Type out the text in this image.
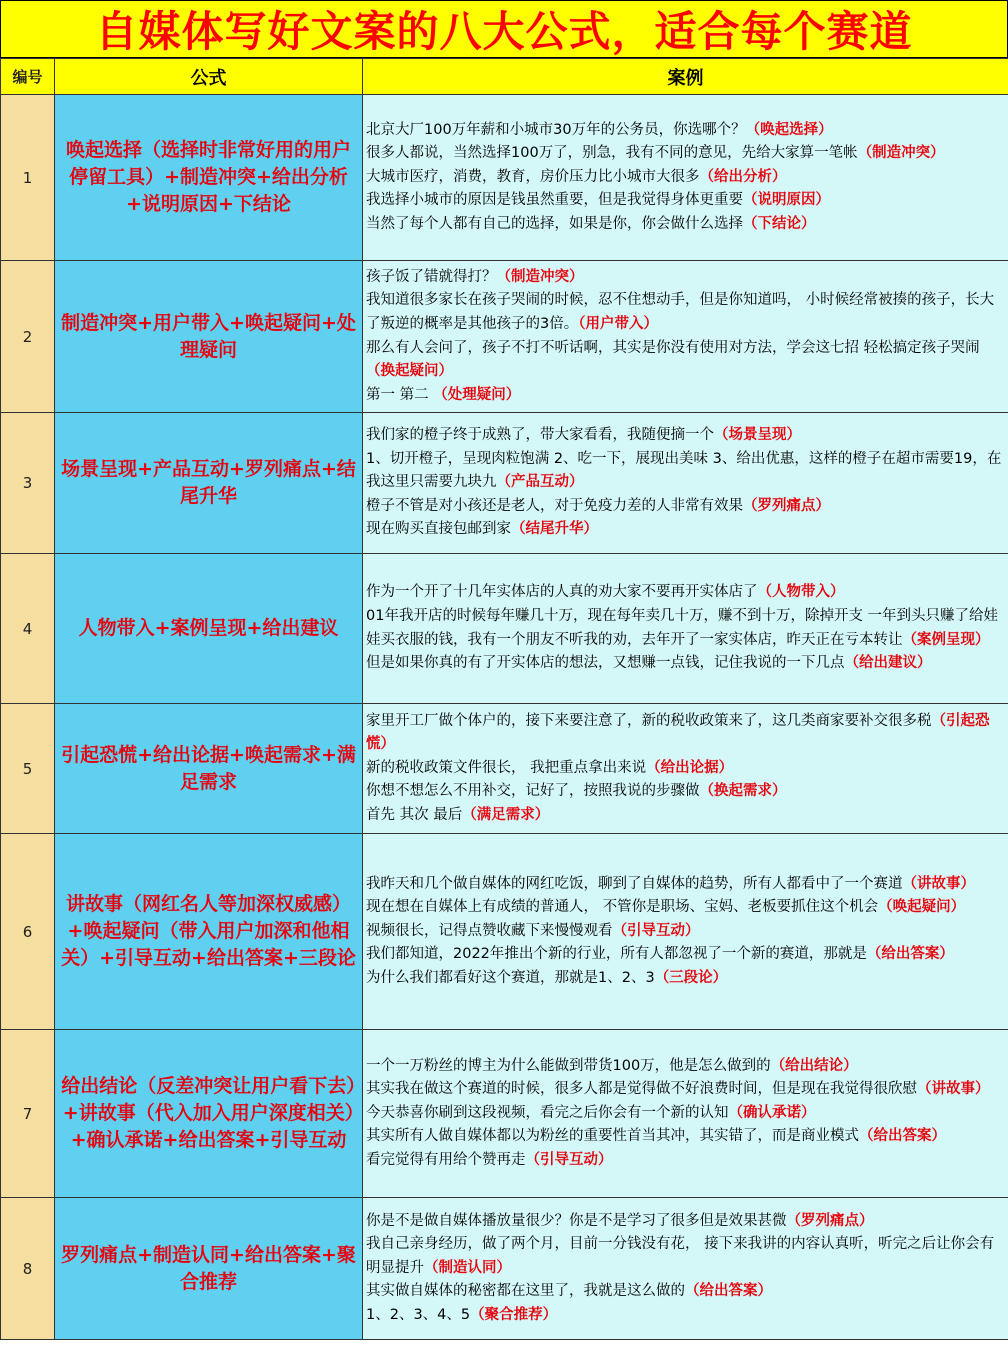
自媒体写好文案的八大公式，适合每个赛道
编号	公式	案例
1	唤起选择（选择时非常好用的用户停留工具）+制造冲突+给出分析+说明原因+下结论	北京大厂100万年薪和小城市30万年的公务员，你选哪个？（唤起选择）
很多人都说，当然选择100万了，别急，我有不同的意见，先给大家算一笔帐（制造冲突）
大城市医疗，消费，教育，房价压力比小城市大很多（给出分析）
我选择小城市的原因是钱虽然重要，但是我觉得身体更重要（说明原因）
当然了每个人都有自己的选择，如果是你，你会做什么选择（下结论）

2	制造冲突+用户带入+唤起疑问+处理疑问	孩子饭了错就得打？（制造冲突）
我知道很多家长在孩子哭闹的时候，忍不住想动手，但是你知道吗， 小时候经常被揍的孩子，长大了叛逆的概率是其他孩子的3倍。（用户带入）
那么有人会问了，孩子不打不听话啊，其实是你没有使用对方法，学会这七招 轻松搞定孩子哭闹（换起疑问）
第一 第二 （处理疑问）

3	场景呈现+产品互动+罗列痛点+结尾升华	我们家的橙子终于成熟了，带大家看看，我随便摘一个（场景呈现）
1、切开橙子，呈现肉粒饱满 2、吃一下，展现出美味 3、给出优惠，这样的橙子在超市需要19，在我这里只需要九块九（产品互动）
橙子不管是对小孩还是老人，对于免疫力差的人非常有效果（罗列痛点）
现在购买直接包邮到家（结尾升华）

4	人物带入+案例呈现+给出建议	作为一个开了十几年实体店的人真的劝大家不要再开实体店了（人物带入）
01年我开店的时候每年赚几十万，现在每年卖几十万，赚不到十万，除掉开支 一年到头只赚了给娃娃买衣服的钱，我有一个朋友不听我的劝，去年开了一家实体店，昨天正在亏本转让（案例呈现）
但是如果你真的有了开实体店的想法，又想赚一点钱，记住我说的一下几点（给出建议）

5	引起恐慌+给出论据+唤起需求+满足需求	家里开工厂做个体户的，接下来要注意了，新的税收政策来了，这几类商家要补交很多税（引起恐慌）
新的税收政策文件很长， 我把重点拿出来说（给出论据）
你想不想怎么不用补交，记好了，按照我说的步骤做（换起需求）
首先 其次 最后（满足需求）

6	讲故事（网红名人等加深权威感）+唤起疑问（带入用户加深和他相关）+引导互动+给出答案+三段论	我昨天和几个做自媒体的网红吃饭，聊到了自媒体的趋势，所有人都看中了一个赛道（讲故事）
现在想在自媒体上有成绩的普通人， 不管你是职场、宝妈、老板要抓住这个机会（唤起疑问）
视频很长，记得点赞收藏下来慢慢观看（引导互动）
我们都知道，2022年推出个新的行业，所有人都忽视了一个新的赛道，那就是（给出答案）
为什么我们都看好这个赛道，那就是1、2、3（三段论）

7	给出结论（反差冲突让用户看下去）+讲故事（代入加入用户深度相关）+确认承诺+给出答案+引导互动	一个一万粉丝的博主为什么能做到带货100万，他是怎么做到的（给出结论）
其实我在做这个赛道的时候，很多人都是觉得做不好浪费时间，但是现在我觉得很欣慰（讲故事）
今天恭喜你刷到这段视频，看完之后你会有一个新的认知（确认承诺）
其实所有人做自媒体都以为粉丝的重要性首当其冲，其实错了，而是商业模式（给出答案）
看完觉得有用给个赞再走（引导互动）

8	罗列痛点+制造认同+给出答案+聚合推荐	你是不是做自媒体播放量很少？你是不是学习了很多但是效果甚微（罗列痛点）
我自己亲身经历，做了两个月，目前一分钱没有花， 接下来我讲的内容认真听，听完之后让你会有明显提升（制造认同）
其实做自媒体的秘密都在这里了，我就是这么做的（给出答案）
1、2、3、4、5（聚合推荐）
